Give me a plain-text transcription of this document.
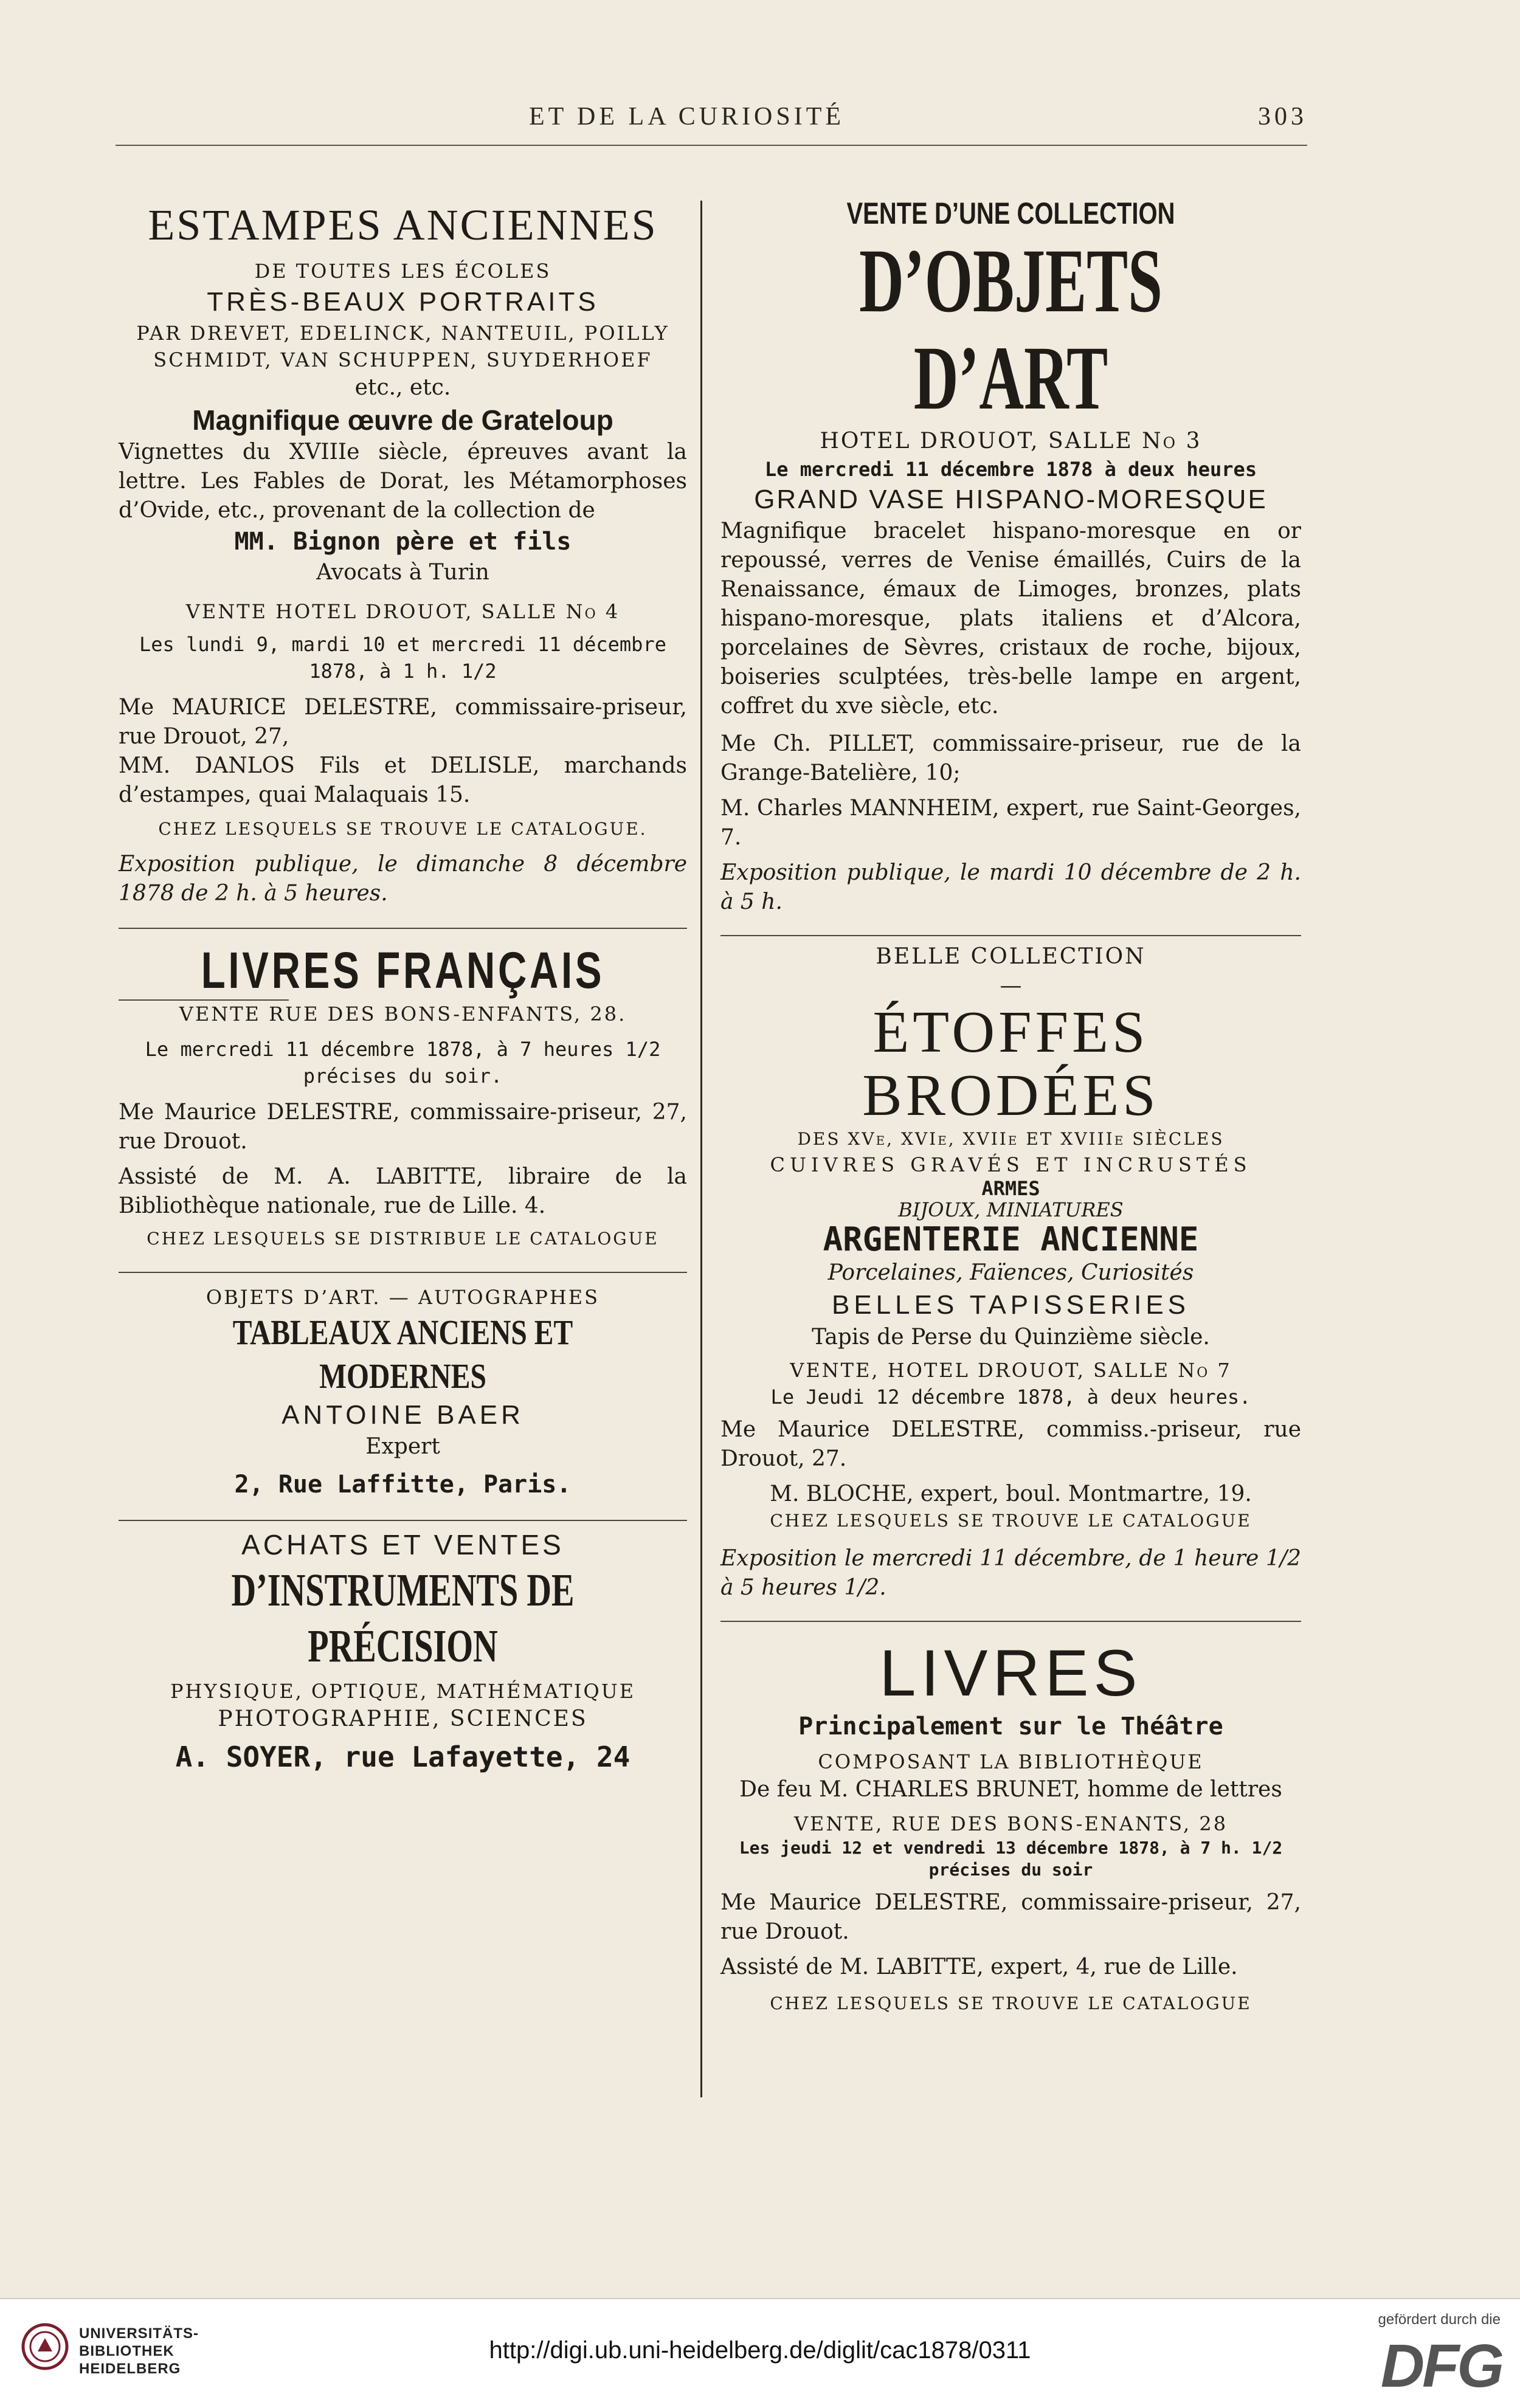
ET DE LA CURIOSITÉ	303
ESTAMPES ANCIENNES
DE TOUTES LES ÉCOLES
TRÈS-BEAUX PORTRAITS
PAR DREVET, EDELINCK, NANTEUIL, POILLY
SCHMIDT, VAN SCHUPPEN, SUYDERHOEF
etc., etc.
Magnifique œuvre de Grateloup
Vignettes du XVIIIe siècle, épreuves avant la lettre. Les Fables de Dorat, les Métamorphoses d’Ovide, etc., provenant de la collection de
MM. Bignon père et fils
Avocats à Turin
VENTE HOTEL DROUOT, SALLE No 4
Les lundi 9, mardi 10 et mercredi 11 décembre 1878, à 1 h. 1/2
Me MAURICE DELESTRE, commissaire-priseur, rue Drouot, 27,
MM. DANLOS Fils et DELISLE, marchands d’estampes, quai Malaquais 15.
CHEZ LESQUELS SE TROUVE LE CATALOGUE.
Exposition publique, le dimanche 8 décembre 1878 de 2 h. à 5 heures.
LIVRES FRANÇAIS
VENTE RUE DES BONS-ENFANTS, 28.
Le mercredi 11 décembre 1878, à 7 heures 1/2 précises du soir.
Me Maurice DELESTRE, commissaire-priseur, 27, rue Drouot.
Assisté de M. A. LABITTE, libraire de la Bibliothèque nationale, rue de Lille. 4.
CHEZ LESQUELS SE DISTRIBUE LE CATALOGUE
OBJETS D’ART. — AUTOGRAPHES
TABLEAUX ANCIENS ET MODERNES
ANTOINE BAER
Expert
2, Rue Laffitte, Paris.
ACHATS ET VENTES
D’INSTRUMENTS DE PRÉCISION
PHYSIQUE, OPTIQUE, MATHÉMATIQUE
PHOTOGRAPHIE, SCIENCES
A. SOYER, rue Lafayette, 24
VENTE D’UNE COLLECTION
D’OBJETS D’ART
HOTEL DROUOT, SALLE No 3
Le mercredi 11 décembre 1878 à deux heures
GRAND VASE HISPANO-MORESQUE
Magnifique bracelet hispano-moresque en or repoussé, verres de Venise émaillés, Cuirs de la Renaissance, émaux de Limoges, bronzes, plats hispano-moresque, plats italiens et d’Alcora, porcelaines de Sèvres, cristaux de roche, bijoux, boiseries sculptées, très-belle lampe en argent, coffret du xve siècle, etc.
Me Ch. PILLET, commissaire-priseur, rue de la Grange-Batelière, 10;
M. Charles MANNHEIM, expert, rue Saint-Georges, 7.
Exposition publique, le mardi 10 décembre de 2 h. à 5 h.
BELLE COLLECTION
—
ÉTOFFES BRODÉES
DES XVe, XVIe, XVIIe ET XVIIIe SIÈCLES
CUIVRES GRAVÉS ET INCRUSTÉS
ARMES
BIJOUX, MINIATURES
ARGENTERIE ANCIENNE
Porcelaines, Faïences, Curiosités
BELLES TAPISSERIES
Tapis de Perse du Quinzième siècle.
VENTE, HOTEL DROUOT, SALLE No 7
Le Jeudi 12 décembre 1878, à deux heures.
Me Maurice DELESTRE, commiss.-priseur, rue Drouot, 27.
M. BLOCHE, expert, boul. Montmartre, 19.
CHEZ LESQUELS SE TROUVE LE CATALOGUE
Exposition le mercredi 11 décembre, de 1 heure 1/2 à 5 heures 1/2.
LIVRES
Principalement sur le Théâtre
COMPOSANT LA BIBLIOTHÈQUE
De feu M. CHARLES BRUNET, homme de lettres
VENTE, RUE DES BONS-ENANTS, 28
Les jeudi 12 et vendredi 13 décembre 1878, à 7 h. 1/2 précises du soir
Me Maurice DELESTRE, commissaire-priseur, 27, rue Drouot.
Assisté de M. LABITTE, expert, 4, rue de Lille.
CHEZ LESQUELS SE TROUVE LE CATALOGUE
UNIVERSITÄTS-
BIBLIOTHEK
HEIDELBERG
http://digi.ub.uni-heidelberg.de/diglit/cac1878/0311
gefördert durch die
DFG
